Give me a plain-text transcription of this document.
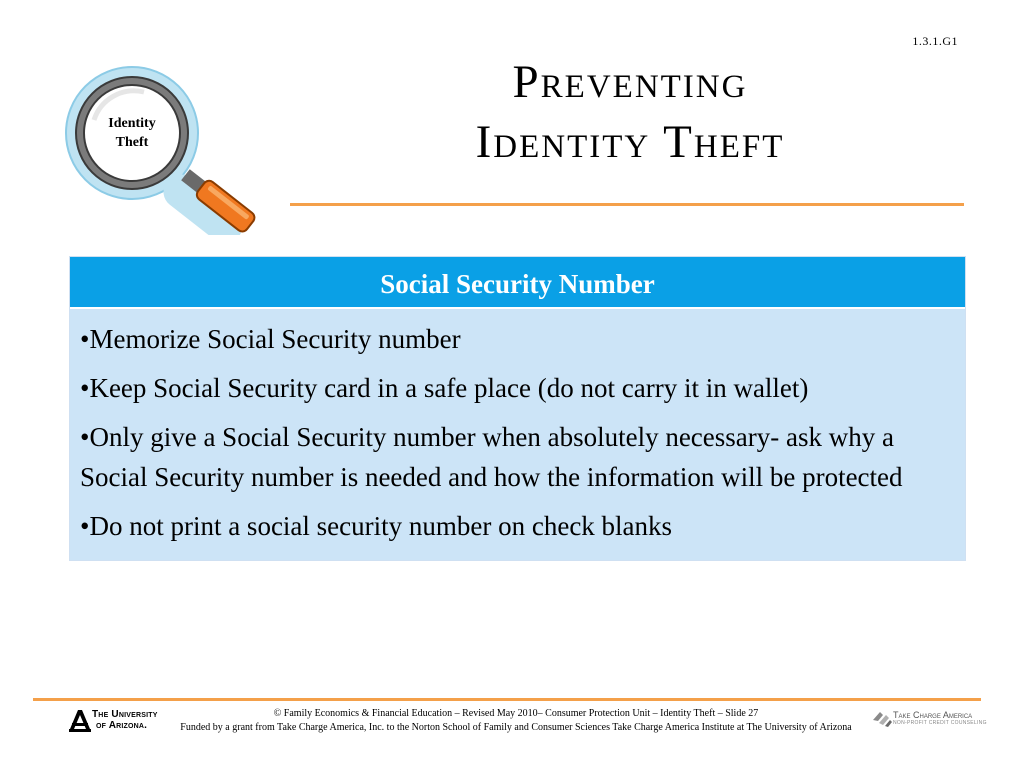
1.3.1.G1
Identity
Theft
Preventing
Identity Theft
Social Security Number

•Memorize Social Security number

•Keep Social Security card in a safe place (do not carry it in wallet)

•Only give a Social Security number when absolutely necessary- ask why a Social Security number is needed and how the information will be protected

•Do not print a social security number on check blanks

The University
of Arizona.
© Family Economics & Financial Education – Revised May 2010– Consumer Protection Unit – Identity Theft – Slide 27
Funded by a grant from Take Charge America, Inc. to the Norton School of Family and Consumer Sciences Take Charge America Institute at The University of Arizona
Take Charge America
NON-PROFIT CREDIT COUNSELING
